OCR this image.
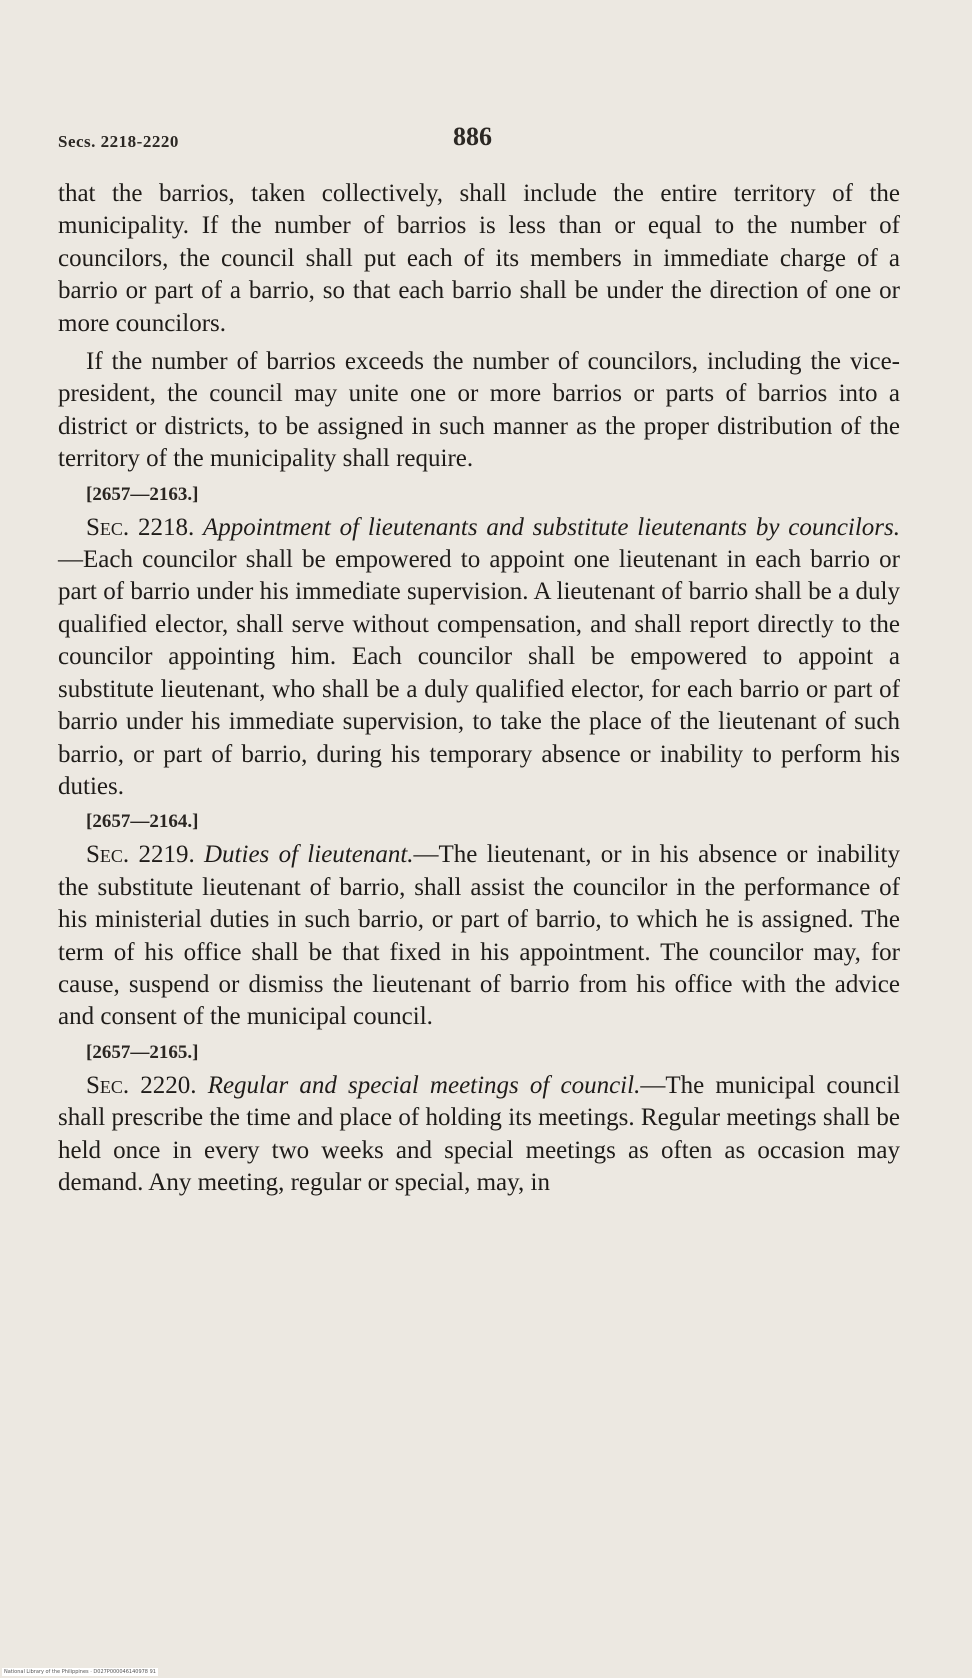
Secs. 2218-2220	886

that the barrios, taken collectively, shall include the entire territory of the municipality. If the number of barrios is less than or equal to the number of councilors, the council shall put each of its members in immediate charge of a barrio or part of a barrio, so that each barrio shall be under the direction of one or more councilors.

If the number of barrios exceeds the number of councilors, including the vice-president, the council may unite one or more barrios or parts of barrios into a district or districts, to be assigned in such manner as the proper distribution of the territory of the municipality shall require.

[2657—2163.]

Sec. 2218. Appointment of lieutenants and substitute lieutenants by councilors.—Each councilor shall be empowered to appoint one lieutenant in each barrio or part of barrio under his immediate supervision. A lieutenant of barrio shall be a duly qualified elector, shall serve without compensation, and shall report directly to the councilor appointing him. Each councilor shall be empowered to appoint a substitute lieutenant, who shall be a duly qualified elector, for each barrio or part of barrio under his immediate supervision, to take the place of the lieutenant of such barrio, or part of barrio, during his temporary absence or inability to perform his duties.

[2657—2164.]

Sec. 2219. Duties of lieutenant.—The lieutenant, or in his absence or inability the substitute lieutenant of barrio, shall assist the councilor in the performance of his ministerial duties in such barrio, or part of barrio, to which he is assigned. The term of his office shall be that fixed in his appointment. The councilor may, for cause, suspend or dismiss the lieutenant of barrio from his office with the advice and consent of the municipal council.

[2657—2165.]

Sec. 2220. Regular and special meetings of council.—The municipal council shall prescribe the time and place of holding its meetings. Regular meetings shall be held once in every two weeks and special meetings as often as occasion may demand. Any meeting, regular or special, may, in

National Library of the Philippines · D027P000046140978 91
